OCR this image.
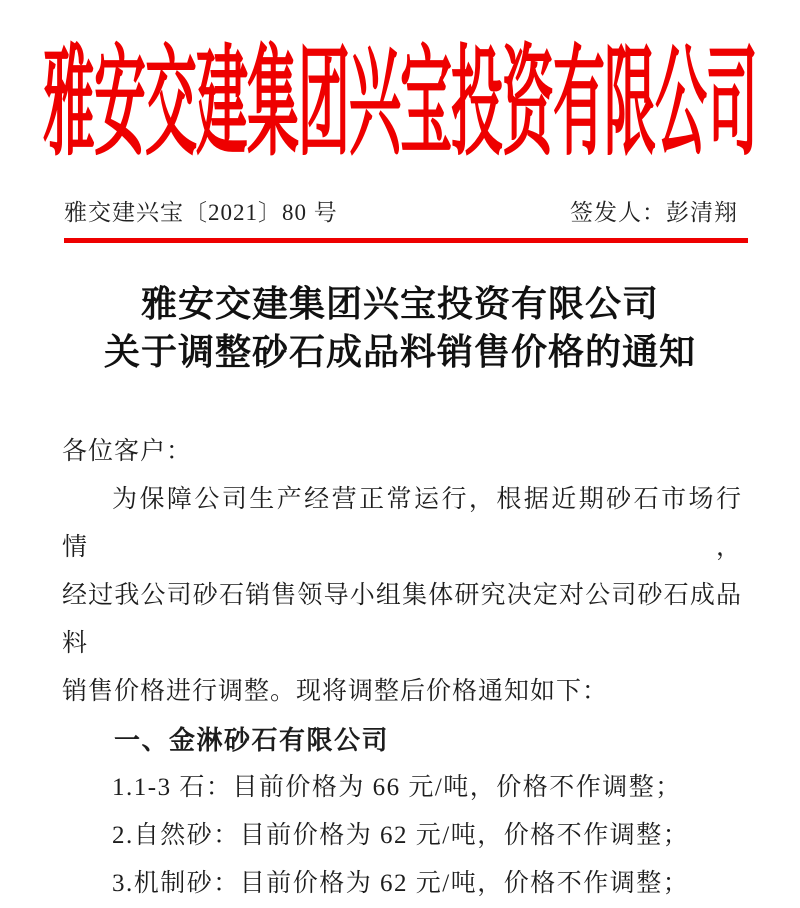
雅安交建集团兴宝投资有限公司
雅交建兴宝〔2021〕80 号	签发人：彭清翔
雅安交建集团兴宝投资有限公司
关于调整砂石成品料销售价格的通知

各位客户：

为保障公司生产经营正常运行，根据近期砂石市场行情，

经过我公司砂石销售领导小组集体研究决定对公司砂石成品料

销售价格进行调整。现将调整后价格通知如下：

一、金淋砂石有限公司

1.1-3 石：目前价格为 66 元/吨，价格不作调整；

2.自然砂：目前价格为 62 元/吨，价格不作调整；

3.机制砂：目前价格为 62 元/吨，价格不作调整；
